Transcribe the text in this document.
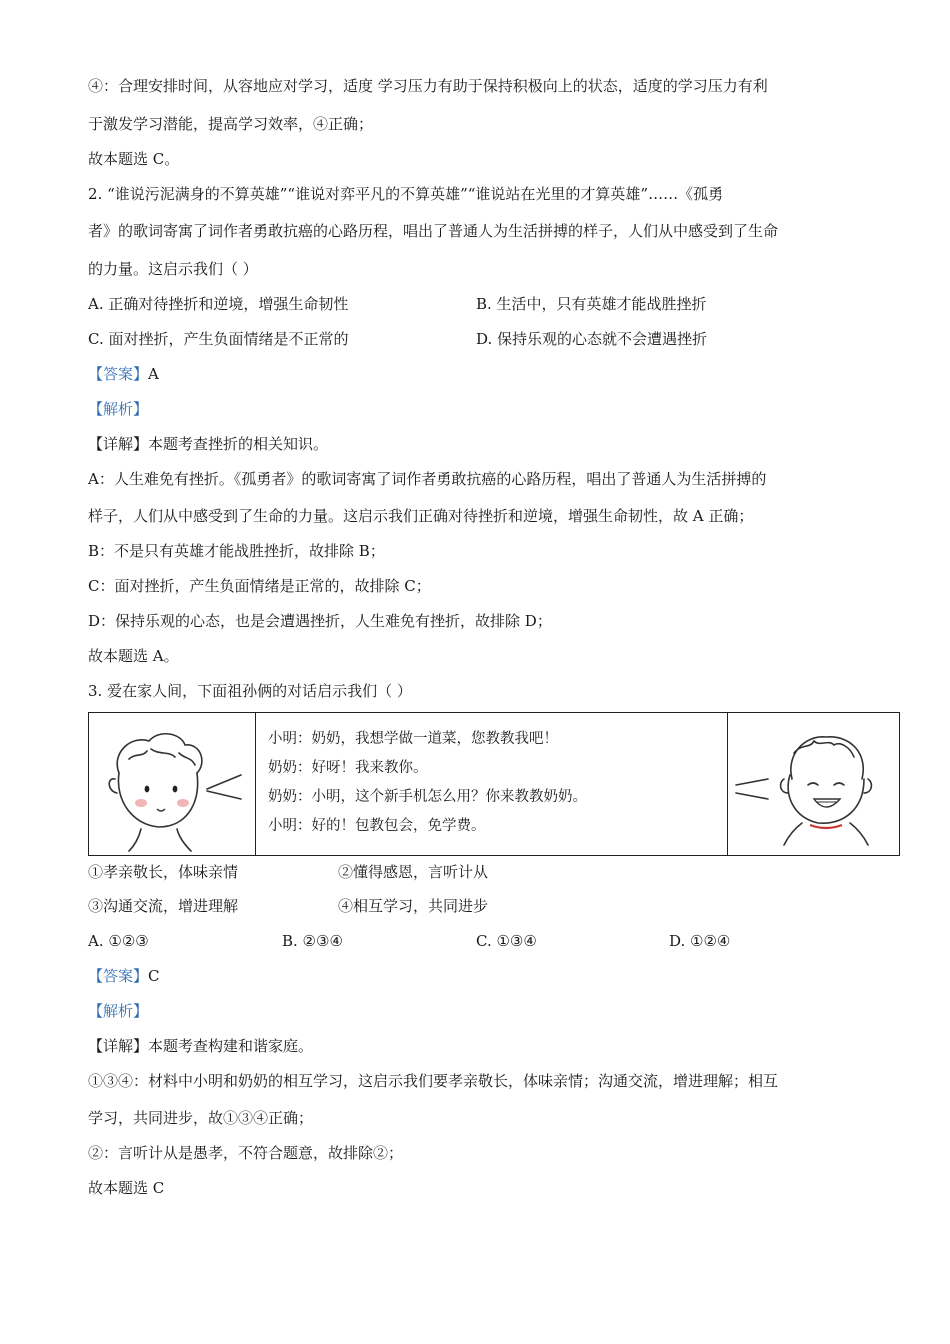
④：合理安排时间，从容地应对学习，适度 学习压力有助于保持积极向上的状态，适度的学习压力有利
于激发学习潜能，提高学习效率，④正确；
故本题选 C。
2. “谁说污泥满身的不算英雄”“谁说对弈平凡的不算英雄”“谁说站在光里的才算英雄”……《孤勇
者》的歌词寄寓了词作者勇敢抗癌的心路历程，唱出了普通人为生活拼搏的样子，人们从中感受到了生命
的力量。这启示我们（ ）
A. 正确对待挫折和逆境，增强生命韧性	B. 生活中，只有英雄才能战胜挫折
C. 面对挫折，产生负面情绪是不正常的	D. 保持乐观的心态就不会遭遇挫折
【答案】A
【解析】
【详解】本题考查挫折的相关知识。
A：人生难免有挫折。《孤勇者》的歌词寄寓了词作者勇敢抗癌的心路历程，唱出了普通人为生活拼搏的
样子，人们从中感受到了生命的力量。这启示我们正确对待挫折和逆境，增强生命韧性，故 A 正确；
B：不是只有英雄才能战胜挫折，故排除 B；
C：面对挫折，产生负面情绪是正常的，故排除 C；
D：保持乐观的心态，也是会遭遇挫折，人生难免有挫折，故排除 D；
故本题选 A。
3. 爱在家人间，下面祖孙俩的对话启示我们（ ）
小明：奶奶，我想学做一道菜，您教教我吧！
奶奶：好呀！我来教你。
奶奶：小明，这个新手机怎么用？你来教教奶奶。
小明：好的！包教包会，免学费。
①孝亲敬长，体味亲情	②懂得感恩，言听计从
③沟通交流，增进理解	④相互学习，共同进步
A. ①②③	B. ②③④	C. ①③④	D. ①②④
【答案】C
【解析】
【详解】本题考查构建和谐家庭。
①③④：材料中小明和奶奶的相互学习，这启示我们要孝亲敬长，体味亲情；沟通交流，增进理解；相互
学习，共同进步，故①③④正确；
②：言听计从是愚孝，不符合题意，故排除②；
故本题选 C
